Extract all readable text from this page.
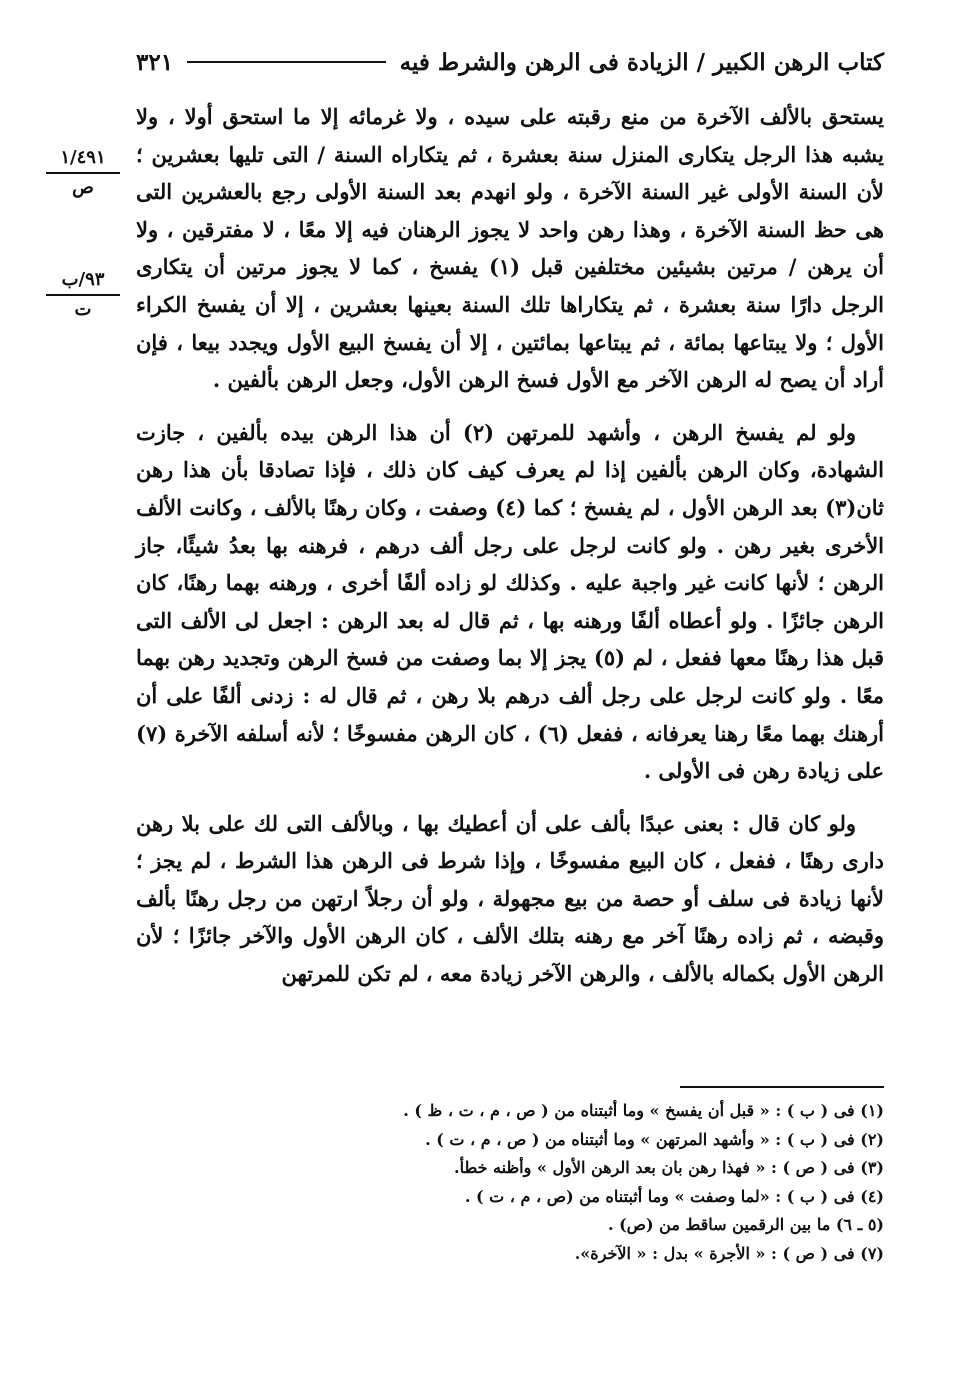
كتاب الرهن الكبير / الزيادة فى الرهن والشرط فيه
٣٢١
١/٤٩١
ص
٩٣/ب
ت

يستحق بالألف الآخرة من منع رقبته على سيده ، ولا غرمائه إلا ما استحق أولا ، ولا يشبه هذا الرجل يتكارى المنزل سنة بعشرة ، ثم يتكاراه السنة / التى تليها بعشرين ؛ لأن السنة الأولى غير السنة الآخرة ، ولو انهدم بعد السنة الأولى رجع بالعشرين التى هى حظ السنة الآخرة ، وهذا رهن واحد لا يجوز الرهنان فيه إلا معًا ، لا مفترقين ، ولا أن يرهن / مرتين بشيئين مختلفين قبل (١) يفسخ ، كما لا يجوز مرتين أن يتكارى الرجل دارًا سنة بعشرة ، ثم يتكاراها تلك السنة بعينها بعشرين ، إلا أن يفسخ الكراء الأول ؛ ولا يبتاعها بمائة ، ثم يبتاعها بمائتين ، إلا أن يفسخ البيع الأول ويجدد بيعا ، فإن أراد أن يصح له الرهن الآخر مع الأول فسخ الرهن الأول، وجعل الرهن بألفين .

ولو لم يفسخ الرهن ، وأشهد للمرتهن (٢) أن هذا الرهن بيده بألفين ، جازت الشهادة، وكان الرهن بألفين إذا لم يعرف كيف كان ذلك ، فإذا تصادقا بأن هذا رهن ثان(٣) بعد الرهن الأول ، لم يفسخ ؛ كما (٤) وصفت ، وكان رهنًا بالألف ، وكانت الألف الأخرى بغير رهن . ولو كانت لرجل على رجل ألف درهم ، فرهنه بها بعدُ شيئًا، جاز الرهن ؛ لأنها كانت غير واجبة عليه . وكذلك لو زاده ألفًا أخرى ، ورهنه بهما رهنًا، كان الرهن جائزًا . ولو أعطاه ألفًا ورهنه بها ، ثم قال له بعد الرهن : اجعل لى الألف التى قبل هذا رهنًا معها ففعل ، لم (٥) يجز إلا بما وصفت من فسخ الرهن وتجديد رهن بهما معًا . ولو كانت لرجل على رجل ألف درهم بلا رهن ، ثم قال له : زدنى ألفًا على أن أرهنك بهما معًا رهنا يعرفانه ، ففعل (٦) ، كان الرهن مفسوخًا ؛ لأنه أسلفه الآخرة (٧) على زيادة رهن فى الأولى .

ولو كان قال : بعنى عبدًا بألف على أن أعطيك بها ، وبالألف التى لك على بلا رهن دارى رهنًا ، ففعل ، كان البيع مفسوخًا ، وإذا شرط فى الرهن هذا الشرط ، لم يجز ؛ لأنها زيادة فى سلف أو حصة من بيع مجهولة ، ولو أن رجلاً ارتهن من رجل رهنًا بألف وقبضه ، ثم زاده رهنًا آخر مع رهنه بتلك الألف ، كان الرهن الأول والآخر جائزًا ؛ لأن الرهن الأول بكماله بالألف ، والرهن الآخر زيادة معه ، لم تكن للمرتهن

(١) فى ( ب ) : « قبل أن يفسخ » وما أثبتناه من ( ص ، م ، ت ، ظ ) .
(٢) فى ( ب ) : « وأشهد المرتهن » وما أثبتناه من ( ص ، م ، ت ) .
(٣) فى ( ص ) : « فهذا رهن بان بعد الرهن الأول » وأظنه خطأ.
(٤) فى ( ب ) : «لما وصفت » وما أثبتناه من (ص ، م ، ت ) .
(٥ ـ ٦) ما بين الرقمين ساقط من (ص) .
(٧) فى ( ص ) : « الأجرة » بدل : « الآخرة».
